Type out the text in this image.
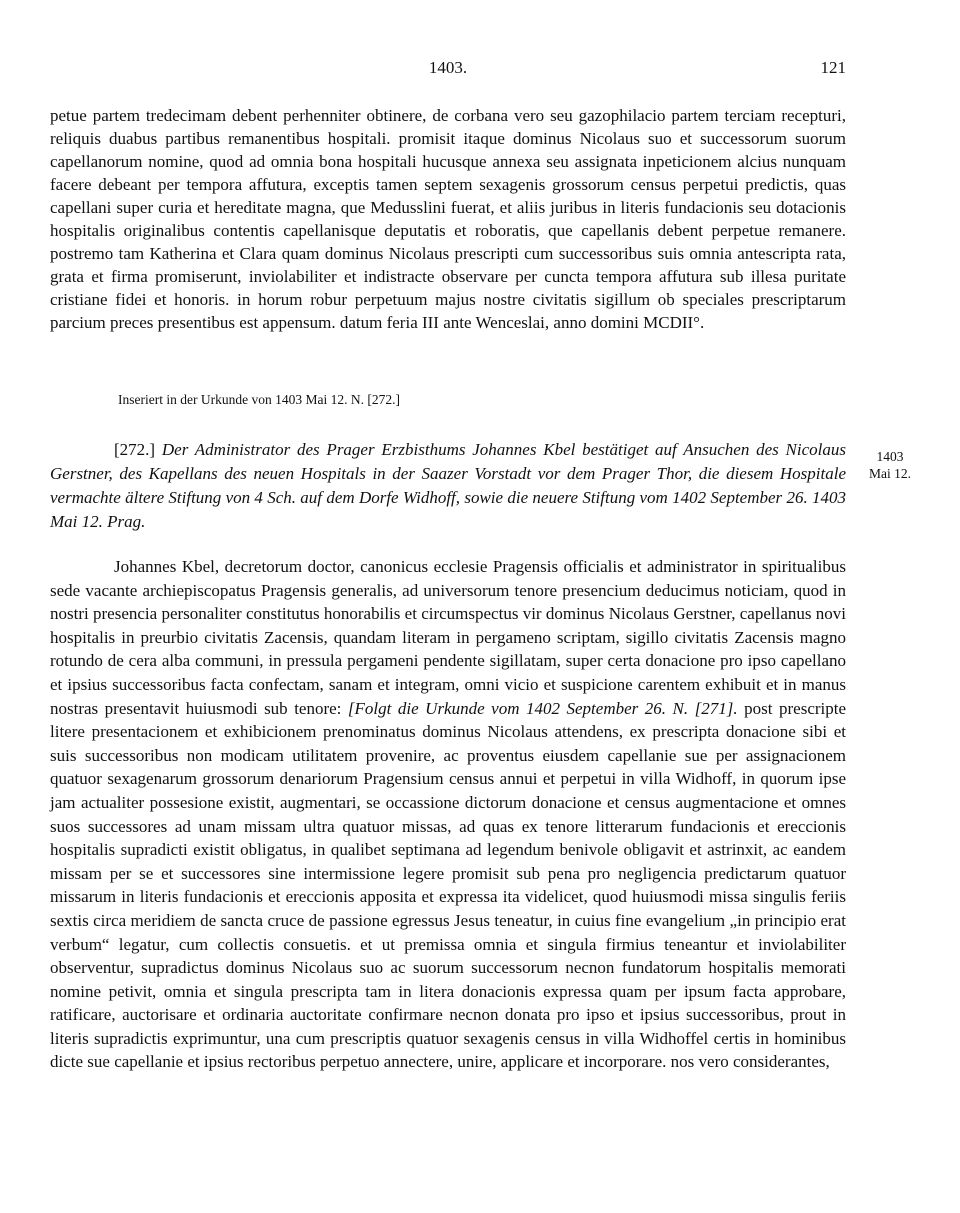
1403.	121

petue partem tredecimam debent perhenniter obtinere, de corbana vero seu gazophilacio partem terciam recepturi, reliquis duabus partibus remanentibus hospitali. promisit itaque dominus Nicolaus suo et successorum suorum capellanorum nomine, quod ad omnia bona hospitali hucusque annexa seu assignata inpeticionem alcius nunquam facere debeant per tempora affutura, exceptis tamen septem sexagenis grossorum census perpetui predictis, quas capellani super curia et hereditate magna, que Medusslini fuerat, et aliis juribus in literis fundacionis seu dotacionis hospitalis originalibus contentis capellanisque deputatis et roboratis, que capellanis debent perpetue remanere. postremo tam Katherina et Clara quam dominus Nicolaus prescripti cum successoribus suis omnia antescripta rata, grata et firma promiserunt, inviolabiliter et indistracte observare per cuncta tempora affutura sub illesa puritate cristiane fidei et honoris. in horum robur perpetuum majus nostre civitatis sigillum ob speciales prescriptarum parcium preces presentibus est appensum. datum feria III ante Wenceslai, anno domini MCDII°.

Inseriert in der Urkunde von 1403 Mai 12. N. [272.]

[272.] Der Administrator des Prager Erzbisthums Johannes Kbel bestätiget auf Ansuchen des Nicolaus Gerstner, des Kapellans des neuen Hospitals in der Saazer Vorstadt vor dem Prager Thor, die diesem Hospitale vermachte ältere Stiftung von 4 Sch. auf dem Dorfe Widhoff, sowie die neuere Stiftung vom 1402 September 26. 1403 Mai 12. Prag.

1403
Mai 12.

Johannes Kbel, decretorum doctor, canonicus ecclesie Pragensis officialis et administrator in spiritualibus sede vacante archiepiscopatus Pragensis generalis, ad universorum tenore presencium deducimus noticiam, quod in nostri presencia personaliter constitutus honorabilis et circumspectus vir dominus Nicolaus Gerstner, capellanus novi hospitalis in preurbio civitatis Zacensis, quandam literam in pergameno scriptam, sigillo civitatis Zacensis magno rotundo de cera alba communi, in pressula pergameni pendente sigillatam, super certa donacione pro ipso capellano et ipsius successoribus facta confectam, sanam et integram, omni vicio et suspicione carentem exhibuit et in manus nostras presentavit huiusmodi sub tenore: [Folgt die Urkunde vom 1402 September 26. N. [271]. post prescripte litere presentacionem et exhibicionem prenominatus dominus Nicolaus attendens, ex prescripta donacione sibi et suis successoribus non modicam utilitatem provenire, ac proventus eiusdem capellanie sue per assignacionem quatuor sexagenarum grossorum denariorum Pragensium census annui et perpetui in villa Widhoff, in quorum ipse jam actualiter possesione existit, augmentari, se occassione dictorum donacione et census augmentacione et omnes suos successores ad unam missam ultra quatuor missas, ad quas ex tenore litterarum fundacionis et ereccionis hospitalis supradicti existit obligatus, in qualibet septimana ad legendum benivole obligavit et astrinxit, ac eandem missam per se et successores sine intermissione legere promisit sub pena pro negligencia predictarum quatuor missarum in literis fundacionis et ereccionis apposita et expressa ita videlicet, quod huiusmodi missa singulis feriis sextis circa meridiem de sancta cruce de passione egressus Jesus teneatur, in cuius fine evangelium „in principio erat verbum“ legatur, cum collectis consuetis. et ut premissa omnia et singula firmius teneantur et inviolabiliter observentur, supradictus dominus Nicolaus suo ac suorum successorum necnon fundatorum hospitalis memorati nomine petivit, omnia et singula prescripta tam in litera donacionis expressa quam per ipsum facta approbare, ratificare, auctorisare et ordinaria auctoritate confirmare necnon donata pro ipso et ipsius successoribus, prout in literis supradictis exprimuntur, una cum prescriptis quatuor sexagenis census in villa Widhoffel certis in hominibus dicte sue capellanie et ipsius rectoribus perpetuo annectere, unire, applicare et incorporare. nos vero considerantes,
